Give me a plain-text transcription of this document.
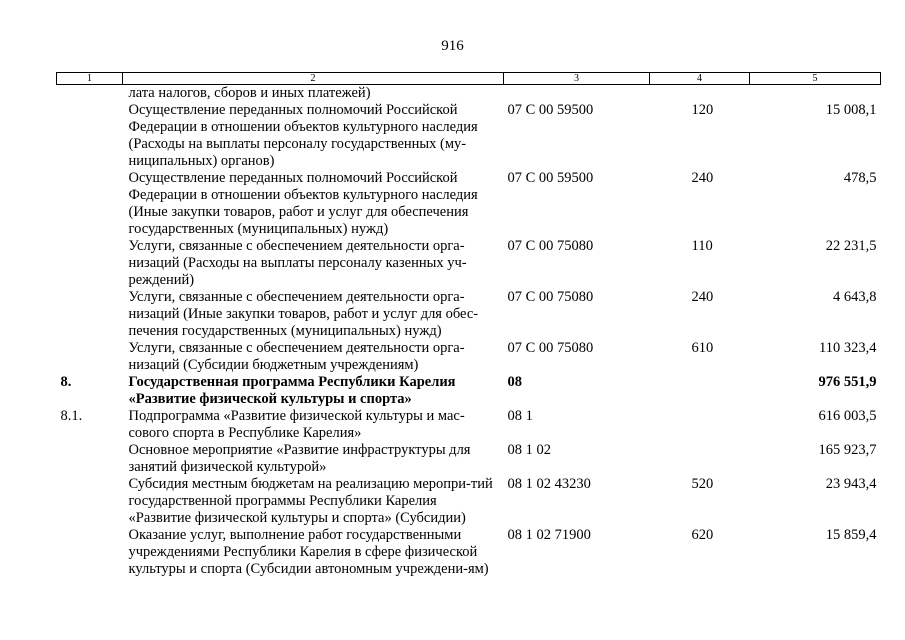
916
1	2	3	4	5
	лата налогов, сборов и иных платежей)			
	Осуществление переданных полномочий Российской Федерации в отношении объектов культурного наследия (Расходы на выплаты персоналу государственных (му-ниципальных) органов)	07 С 00 59500	120	15 008,1
	Осуществление переданных полномочий Российской Федерации в отношении объектов культурного наследия (Иные закупки товаров, работ и услуг для обеспечения государственных (муниципальных) нужд)	07 С 00 59500	240	478,5
	Услуги, связанные с обеспечением деятельности орга-низаций (Расходы на выплаты персоналу казенных уч-реждений)	07 С 00 75080	110	22 231,5
	Услуги, связанные с обеспечением деятельности орга-низаций (Иные закупки товаров, работ и услуг для обес-печения государственных (муниципальных) нужд)	07 С 00 75080	240	4 643,8
	Услуги, связанные с обеспечением деятельности орга-низаций (Субсидии бюджетным учреждениям)	07 С 00 75080	610	110 323,4
8.	Государственная программа Республики Карелия «Развитие физической культуры и спорта»	08		976 551,9
8.1.	Подпрограмма «Развитие физической культуры и мас-сового спорта в Республике Карелия»	08 1		616 003,5
	Основное мероприятие «Развитие инфраструктуры для занятий физической культурой»	08 1 02		165 923,7
	Субсидия местным бюджетам на реализацию меропри-тий государственной программы Республики Карелия «Развитие физической культуры и спорта» (Субсидии)	08 1 02 43230	520	23 943,4
	Оказание услуг, выполнение работ государственными учреждениями Республики Карелия в сфере физической культуры и спорта (Субсидии автономным учреждени-ям)	08 1 02 71900	620	15 859,4
